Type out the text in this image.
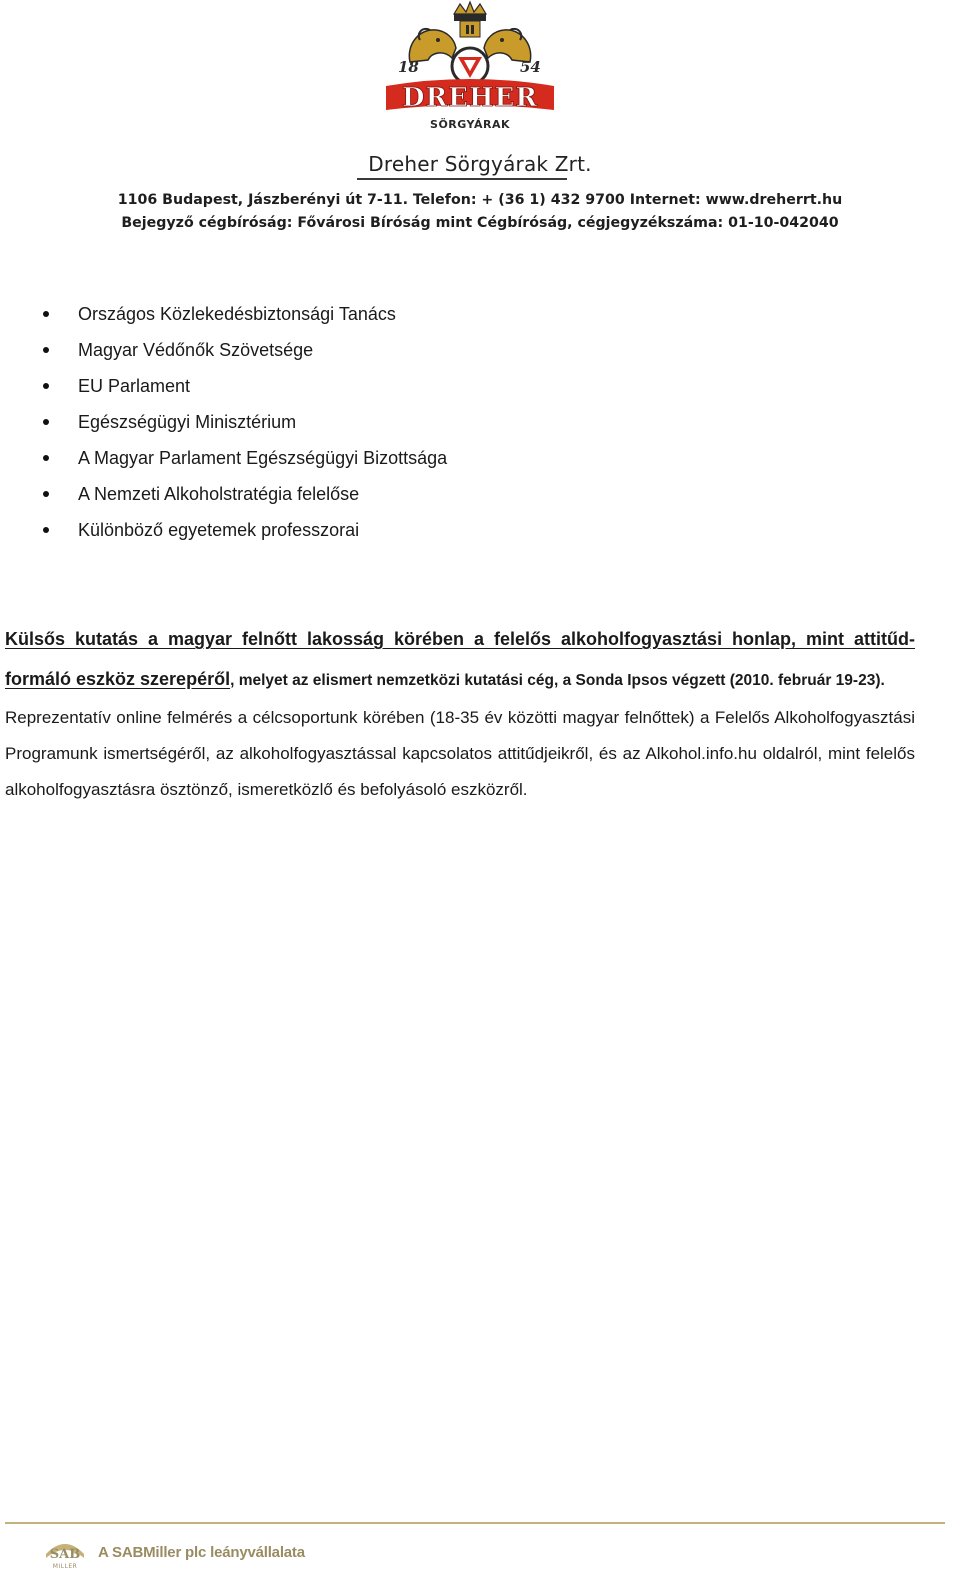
18	54
DREHER
SÖRGYÁRAK
Dreher Sörgyárak Zrt.
1106 Budapest, Jászberényi út 7-11. Telefon: + (36 1) 432 9700 Internet: www.dreherrt.hu
Bejegyző cégbíróság: Fővárosi Bíróság mint Cégbíróság, cégjegyzékszáma: 01-10-042040
Országos Közlekedésbiztonsági Tanács
Magyar Védőnők Szövetsége
EU Parlament
Egészségügyi Minisztérium
A Magyar Parlament Egészségügyi Bizottsága
A Nemzeti Alkoholstratégia felelőse
Különböző egyetemek professzorai

Külsős kutatás a magyar felnőtt lakosság körében a felelős alkoholfogyasztási honlap, mint attitűd-formáló eszköz szerepéről, melyet az elismert nemzetközi kutatási cég, a Sonda Ipsos végzett (2010. február 19-23).

Reprezentatív online felmérés a célcsoportunk körében (18-35 év közötti magyar felnőttek) a Felelős Alkoholfogyasztási Programunk ismertségéről, az alkoholfogyasztással kapcsolatos attitűdjeikről, és az Alkohol.info.hu oldalról, mint felelős alkoholfogyasztásra ösztönző, ismeretközlő és befolyásoló eszközről.

SAB
MILLER
A SABMiller plc leányvállalata
